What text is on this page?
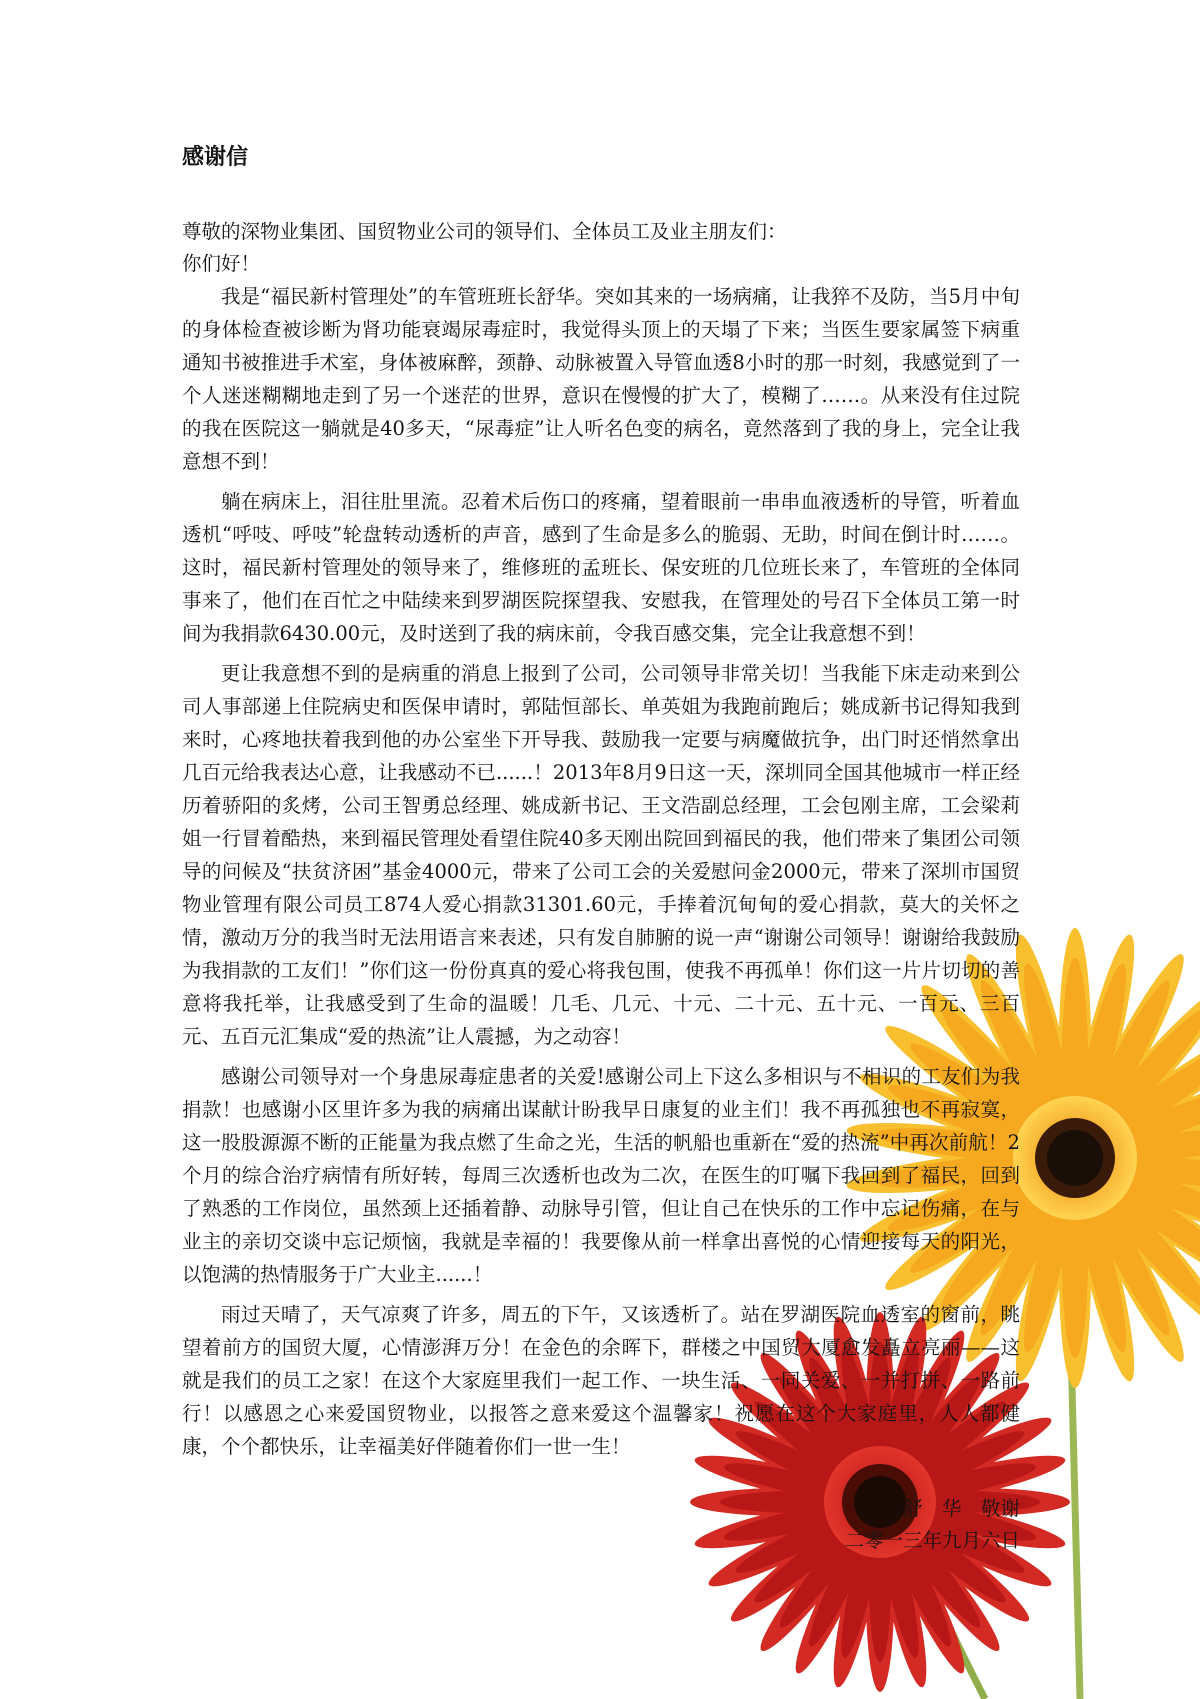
感谢信

尊敬的深物业集团、国贸物业公司的领导们、全体员工及业主朋友们：

你们好！

我是“福民新村管理处”的车管班班长舒华。突如其来的一场病痛，让我猝不及防，当5月中旬的身体检查被诊断为肾功能衰竭尿毒症时，我觉得头顶上的天塌了下来；当医生要家属签下病重通知书被推进手术室，身体被麻醉，颈静、动脉被置入导管血透8小时的那一时刻，我感觉到了一个人迷迷糊糊地走到了另一个迷茫的世界，意识在慢慢的扩大了，模糊了……。从来没有住过院的我在医院这一躺就是40多天，“尿毒症”让人听名色变的病名，竟然落到了我的身上，完全让我意想不到！

躺在病床上，泪往肚里流。忍着术后伤口的疼痛，望着眼前一串串血液透析的导管，听着血透机“呼吱、呼吱”轮盘转动透析的声音，感到了生命是多么的脆弱、无助，时间在倒计时……。这时，福民新村管理处的领导来了，维修班的孟班长、保安班的几位班长来了，车管班的全体同事来了，他们在百忙之中陆续来到罗湖医院探望我、安慰我，在管理处的号召下全体员工第一时间为我捐款6430.00元，及时送到了我的病床前，令我百感交集，完全让我意想不到！

更让我意想不到的是病重的消息上报到了公司，公司领导非常关切！当我能下床走动来到公司人事部递上住院病史和医保申请时，郭陆恒部长、单英姐为我跑前跑后；姚成新书记得知我到来时，心疼地扶着我到他的办公室坐下开导我、鼓励我一定要与病魔做抗争，出门时还悄然拿出几百元给我表达心意，让我感动不已......！2013年8月9日这一天，深圳同全国其他城市一样正经历着骄阳的炙烤，公司王智勇总经理、姚成新书记、王文浩副总经理，工会包刚主席，工会梁莉姐一行冒着酷热，来到福民管理处看望住院40多天刚出院回到福民的我，他们带来了集团公司领导的问候及“扶贫济困”基金4000元，带来了公司工会的关爱慰问金2000元，带来了深圳市国贸物业管理有限公司员工874人爱心捐款31301.60元，手捧着沉甸甸的爱心捐款，莫大的关怀之情，激动万分的我当时无法用语言来表述，只有发自肺腑的说一声“谢谢公司领导！谢谢给我鼓励为我捐款的工友们！”你们这一份份真真的爱心将我包围，使我不再孤单！你们这一片片切切的善意将我托举，让我感受到了生命的温暖！几毛、几元、十元、二十元、五十元、一百元、三百元、五百元汇集成“爱的热流”让人震撼，为之动容！

感谢公司领导对一个身患尿毒症患者的关爱!感谢公司上下这么多相识与不相识的工友们为我捐款！也感谢小区里许多为我的病痛出谋献计盼我早日康复的业主们！我不再孤独也不再寂寞，这一股股源源不断的正能量为我点燃了生命之光，生活的帆船也重新在“爱的热流”中再次前航！2个月的综合治疗病情有所好转，每周三次透析也改为二次，在医生的叮嘱下我回到了福民，回到了熟悉的工作岗位，虽然颈上还插着静、动脉导引管，但让自己在快乐的工作中忘记伤痛，在与业主的亲切交谈中忘记烦恼，我就是幸福的！我要像从前一样拿出喜悦的心情迎接每天的阳光，以饱满的热情服务于广大业主......！

雨过天晴了，天气凉爽了许多，周五的下午，又该透析了。站在罗湖医院血透室的窗前，眺望着前方的国贸大厦，心情澎湃万分！在金色的余晖下，群楼之中国贸大厦愈发矗立亮丽——这就是我们的员工之家！在这个大家庭里我们一起工作、一块生活、一同关爱、一并打拼、一路前行！以感恩之心来爱国贸物业，以报答之意来爱这个温馨家！祝愿在这个大家庭里，人人都健康，个个都快乐，让幸福美好伴随着你们一世一生！

舒　华　敬谢
二零一三年九月六日
